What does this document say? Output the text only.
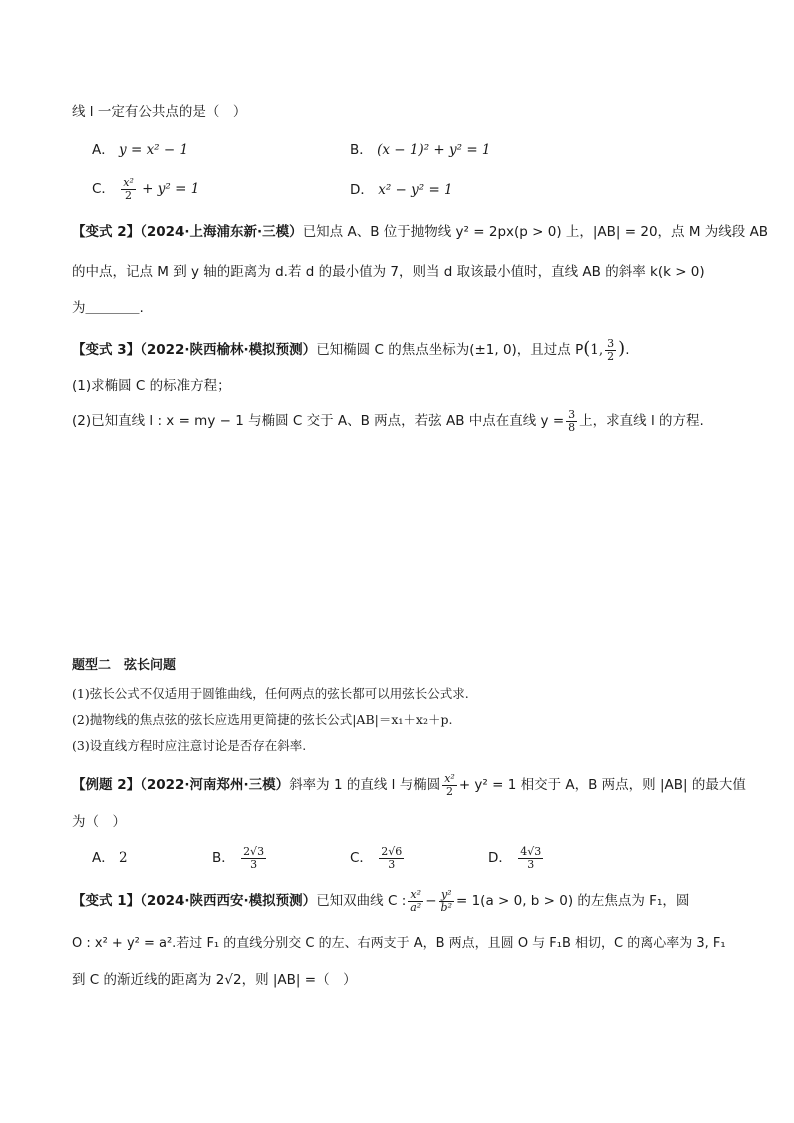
线 l 一定有公共点的是（　）
A． y = x² − 1	B． (x − 1)² + y² = 1
C． $\frac{\text{x²}}{2} + y^2 = 1$	D． x² − y² = 1
【变式 2】（2024·上海浦东新·三模）已知点 A、B 位于抛物线 y² = 2px(p > 0) 上，|AB| = 20，点 M 为线段 AB
的中点，记点 M 到 y 轴的距离为 d.若 d 的最小值为 7，则当 d 取该最小值时，直线 AB 的斜率 k(k > 0)
为＿＿＿＿.
【变式 3】（2022·陕西榆林·模拟预测）已知椭圆 C 的焦点坐标为(±1, 0)，且过点 P(1, $\frac{3}{2}$ ).
(1)求椭圆 C 的标准方程；
(2)已知直线 l : x = my − 1 与椭圆 C 交于 A、B 两点，若弦 AB 中点在直线 $y = \frac{3}{8}$ 上，求直线 l 的方程.
题型二　弦长问题
(1)弦长公式不仅适用于圆锥曲线，任何两点的弦长都可以用弦长公式求.
(2)抛物线的焦点弦的弦长应选用更简捷的弦长公式|AB|＝x₁＋x₂＋p.
(3)设直线方程时应注意讨论是否存在斜率.
【例题 2】（2022·河南郑州·三模）斜率为 1 的直线 l 与椭圆 $\frac{\text{x²}}{2} + y^2 = 1$ 相交于 A，B 两点，则 |AB| 的最大值
为（　）
A． 2	B． $\frac{2√3}{3}$	C． $\frac{2√6}{3}$	D． $\frac{4√3}{3}$
【变式 1】（2024·陕西西安·模拟预测）已知双曲线 C : $\frac{\text{x²}}{\text{a²}} - \frac{\text{y²}}{\text{b²}} = 1(a > 0$, b > 0) 的左焦点为 F₁，圆
O : x² + y² = a².若过 F₁ 的直线分别交 C 的左、右两支于 A，B 两点，且圆 O 与 F₁B 相切，C 的离心率为 3, F₁
到 C 的渐近线的距离为 2√2，则 |AB| =（　）
